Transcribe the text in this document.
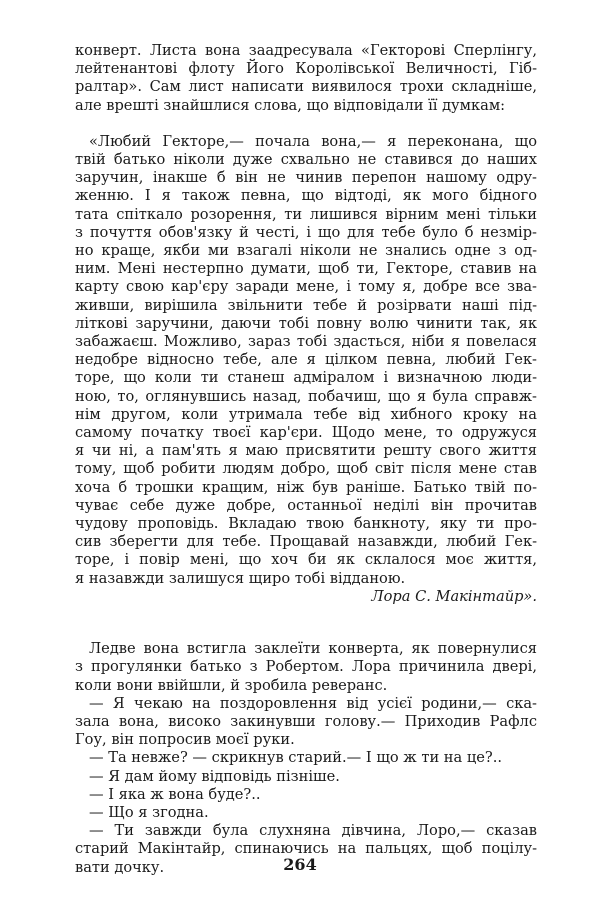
конверт. Листа вона заадресувала «Гекторові Сперлінгу,
лейтенантові флоту Його Королівської Величності, Гіб-
ралтар». Сам лист написати виявилося трохи складніше,
але врешті знайшлися слова, що відповідали її думкам:
«Любий Гекторе,— почала вона,— я переконана, що
твій батько ніколи дуже схвально не ставився до наших
заручин, інакше б він не чинив перепон нашому одру-
женню. І я також певна, що відтоді, як мого бідного
тата спіткало розорення, ти лишився вірним мені тільки
з почуття обов'язку й честі, і що для тебе було б незмір-
но краще, якби ми взагалі ніколи не знались одне з од-
ним. Мені нестерпно думати, щоб ти, Гекторе, ставив на
карту свою кар'єру заради мене, і тому я, добре все зва-
живши, вирішила звільнити тебе й розірвати наші під-
літкові заручини, даючи тобі повну волю чинити так, як
забажаєш. Можливо, зараз тобі здасться, ніби я повелася
недобре відносно тебе, але я цілком певна, любий Гек-
торе, що коли ти станеш адміралом і визначною люди-
ною, то, оглянувшись назад, побачиш, що я була справж-
нім другом, коли утримала тебе від хибного кроку на
самому початку твоєї кар'єри. Щодо мене, то одружуся
я чи ні, а пам'ять я маю присвятити решту свого життя
тому, щоб робити людям добро, щоб світ після мене став
хоча б трошки кращим, ніж був раніше. Батько твій по-
чуває себе дуже добре, останньої неділі він прочитав
чудову проповідь. Вкладаю твою банкноту, яку ти про-
сив зберегти для тебе. Прощавай назавжди, любий Гек-
торе, і повір мені, що хоч би як склалося моє життя,
я назавжди залишуся щиро тобі відданою.
Лора С. Макінтайр».
Ледве вона встигла заклеїти конверта, як повернулися
з прогулянки батько з Робертом. Лора причинила двері,
коли вони ввійшли, й зробила реверанс.
— Я чекаю на поздоровлення від усієї родини,— ска-
зала вона, високо закинувши голову.— Приходив Рафлс
Гоу, він попросив моєї руки.
— Та невже? — скрикнув старий.— І що ж ти на це?..
— Я дам йому відповідь пізніше.
— І яка ж вона буде?..
— Що я згодна.
— Ти завжди була слухняна дівчина, Лоро,— сказав
старий Макінтайр, спинаючись на пальцях, щоб поцілу-
вати дочку.	264
